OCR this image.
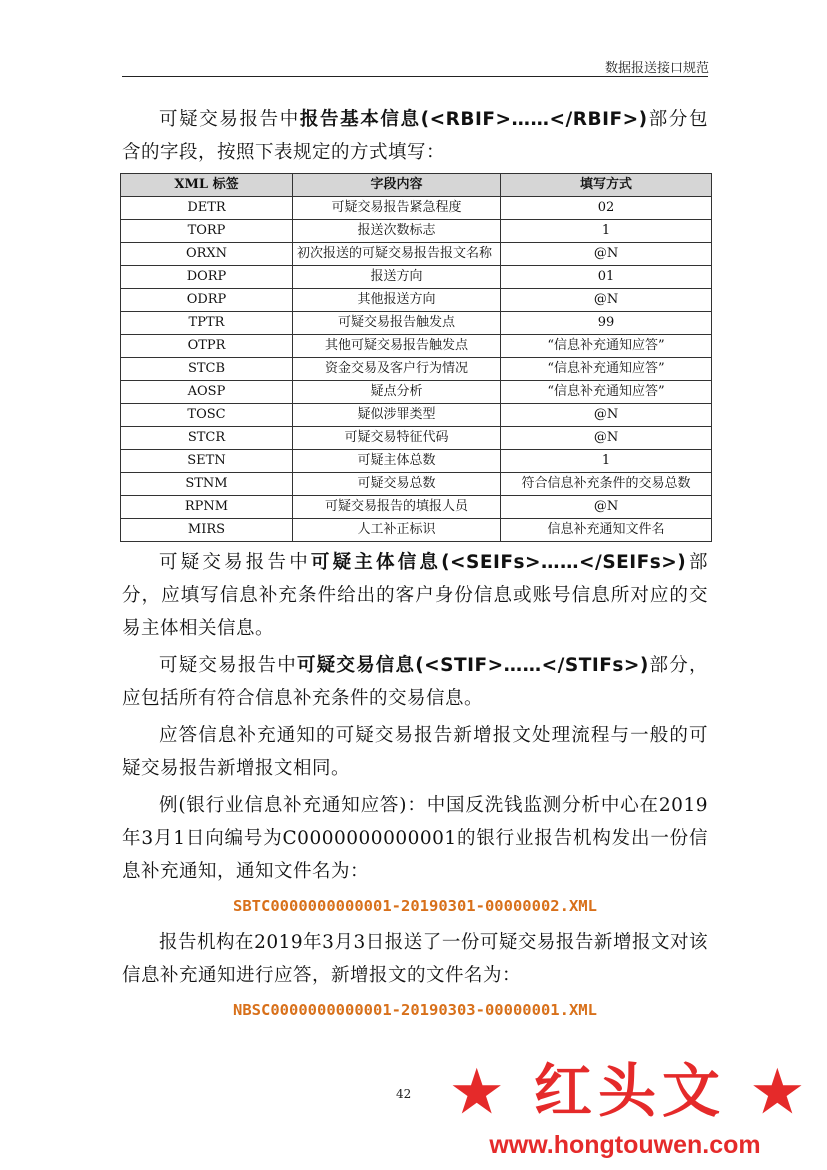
数据报送接口规范

可疑交易报告中报告基本信息(<RBIF>……</RBIF>)部分包含的字段，按照下表规定的方式填写：

XML 标签	字段内容	填写方式
DETR	可疑交易报告紧急程度	02
TORP	报送次数标志	1
ORXN	初次报送的可疑交易报告报文名称	@N
DORP	报送方向	01
ODRP	其他报送方向	@N
TPTR	可疑交易报告触发点	99
OTPR	其他可疑交易报告触发点	“信息补充通知应答”
STCB	资金交易及客户行为情况	“信息补充通知应答”
AOSP	疑点分析	“信息补充通知应答”
TOSC	疑似涉罪类型	@N
STCR	可疑交易特征代码	@N
SETN	可疑主体总数	1
STNM	可疑交易总数	符合信息补充条件的交易总数
RPNM	可疑交易报告的填报人员	@N
MIRS	人工补正标识	信息补充通知文件名

可疑交易报告中可疑主体信息(<SEIFs>……</SEIFs>)部分，应填写信息补充条件给出的客户身份信息或账号信息所对应的交易主体相关信息。

可疑交易报告中可疑交易信息(<STIF>……</STIFs>)部分，应包括所有符合信息补充条件的交易信息。

应答信息补充通知的可疑交易报告新增报文处理流程与一般的可疑交易报告新增报文相同。

例(银行业信息补充通知应答)：中国反洗钱监测分析中心在2019年3月1日向编号为C0000000000001的银行业报告机构发出一份信息补充通知，通知文件名为：

SBTC0000000000001-20190301-00000002.XML

报告机构在2019年3月3日报送了一份可疑交易报告新增报文对该信息补充通知进行应答，新增报文的文件名为：

NBSC0000000000001-20190303-00000001.XML
42 ★ 红头文 ★
www.hongtouwen.com
